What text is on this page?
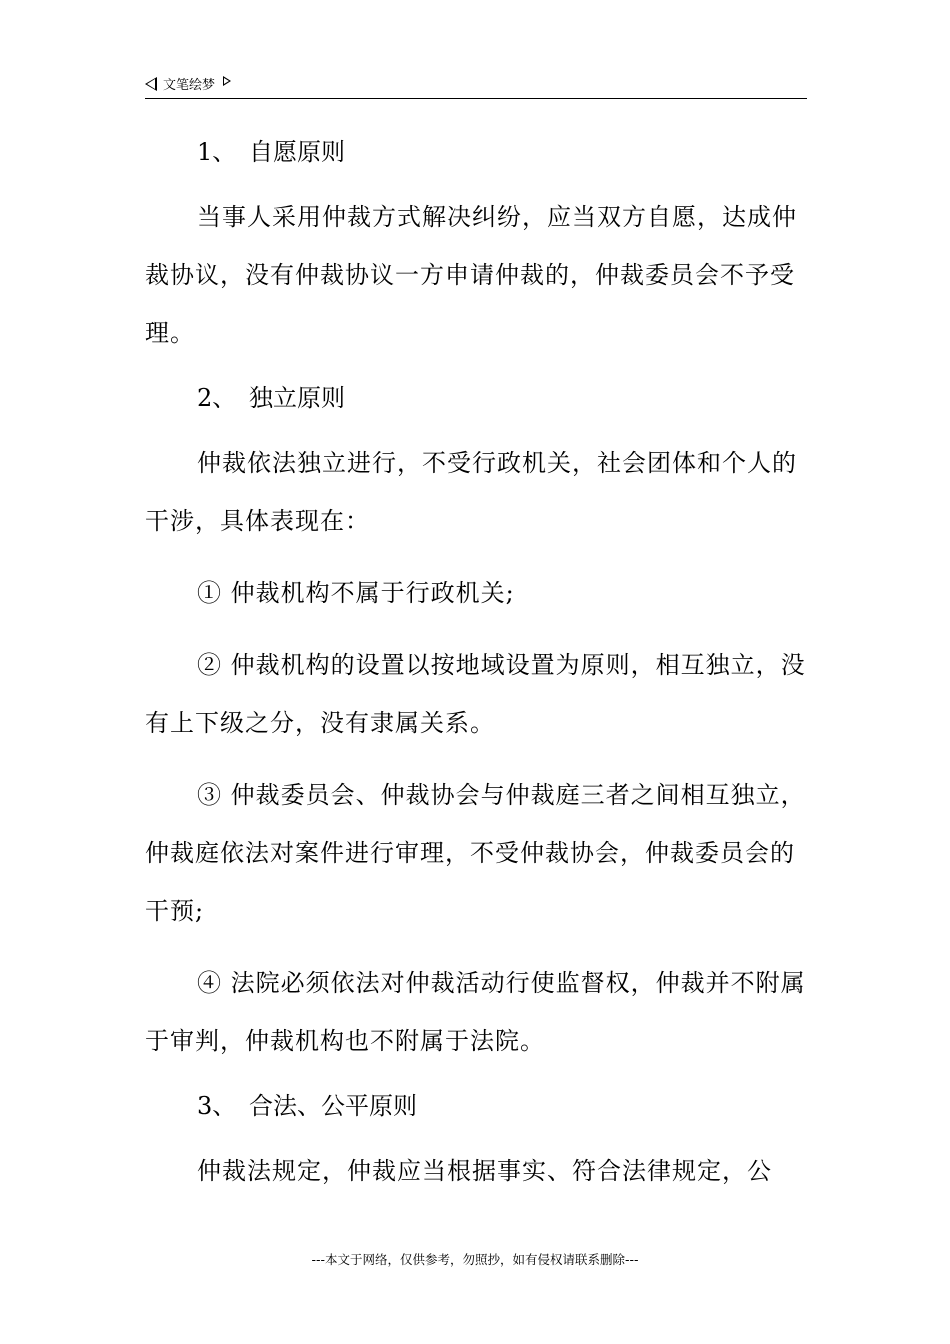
文笔绘梦
1、 自愿原则

当事人采用仲裁方式解决纠纷，应当双方自愿，达成仲裁协议，没有仲裁协议一方申请仲裁的，仲裁委员会不予受理。

2、 独立原则

仲裁依法独立进行，不受行政机关，社会团体和个人的干涉，具体表现在：

① 仲裁机构不属于行政机关;

② 仲裁机构的设置以按地域设置为原则，相互独立，没有上下级之分，没有隶属关系。

③ 仲裁委员会、仲裁协会与仲裁庭三者之间相互独立，仲裁庭依法对案件进行审理，不受仲裁协会，仲裁委员会的干预;

④ 法院必须依法对仲裁活动行使监督权，仲裁并不附属于审判，仲裁机构也不附属于法院。

3、 合法、公平原则

仲裁法规定，仲裁应当根据事实、符合法律规定，公

---本文于网络，仅供参考，勿照抄，如有侵权请联系删除---
